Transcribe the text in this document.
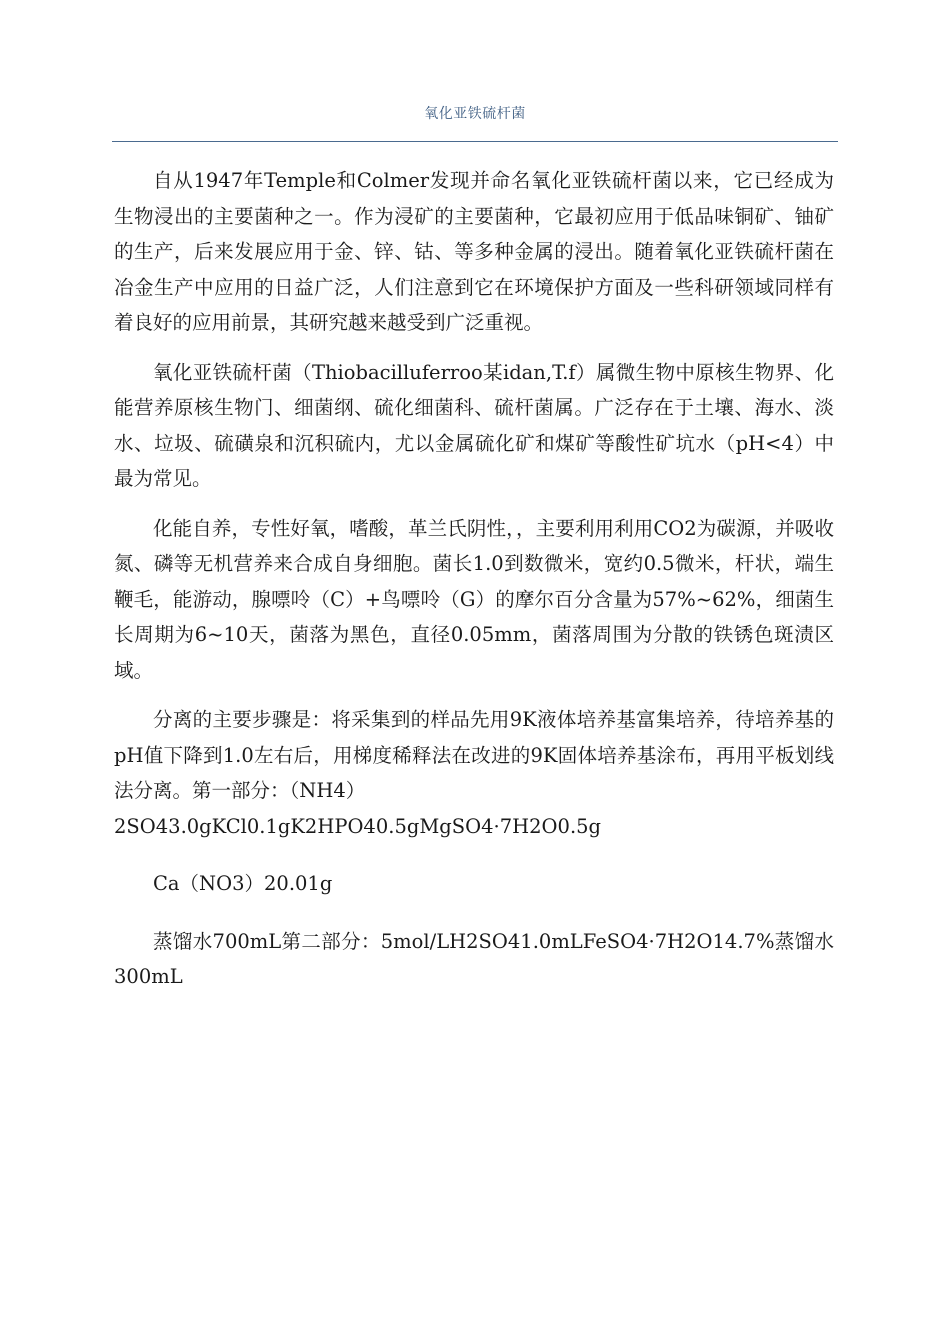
氧化亚铁硫杆菌

自从1947年Temple和Colmer发现并命名氧化亚铁硫杆菌以来，它已经成为生物浸出的主要菌种之一。作为浸矿的主要菌种，它最初应用于低品味铜矿、铀矿的生产，后来发展应用于金、锌、钴、等多种金属的浸出。随着氧化亚铁硫杆菌在冶金生产中应用的日益广泛，人们注意到它在环境保护方面及一些科研领域同样有着良好的应用前景，其研究越来越受到广泛重视。

氧化亚铁硫杆菌（Thiobacilluferroo某idan,T.f）属微生物中原核生物界、化能营养原核生物门、细菌纲、硫化细菌科、硫杆菌属。广泛存在于土壤、海水、淡水、垃圾、硫磺泉和沉积硫内，尤以金属硫化矿和煤矿等酸性矿坑水（pH<4）中最为常见。

化能自养，专性好氧，嗜酸，革兰氏阴性，，主要利用利用CO2为碳源，并吸收氮、磷等无机营养来合成自身细胞。菌长1.0到数微米，宽约0.5微米，杆状，端生鞭毛，能游动，腺嘌呤（C）+鸟嘌呤（G）的摩尔百分含量为57%~62%，细菌生长周期为6~10天，菌落为黑色，直径0.05mm，菌落周围为分散的铁锈色斑渍区域。

分离的主要步骤是：将采集到的样品先用9K液体培养基富集培养，待培养基的pH值下降到1.0左右后，用梯度稀释法在改进的9K固体培养基涂布，再用平板划线法分离。第一部分：（NH4）

2SO43.0gKCl0.1gK2HPO40.5gMgSO4·7H2O0.5g

Ca（NO3）20.01g

蒸馏水700mL第二部分：5mol/LH2SO41.0mLFeSO4·7H2O14.7%蒸馏水300mL
